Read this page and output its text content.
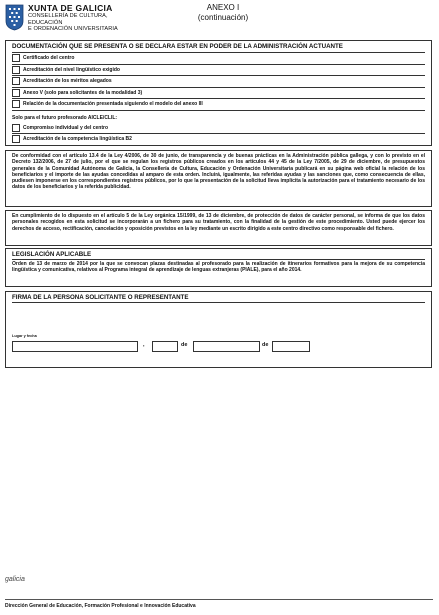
XUNTA DE GALICIA
CONSELLERÍA DE CULTURA, EDUCACIÓN
E ORDENACIÓN UNIVERSITARIA
ANEXO I
(continuación)
DOCUMENTACIÓN QUE SE PRESENTA O SE DECLARA ESTAR EN PODER DE LA ADMINISTRACIÓN ACTUANTE
Certificado del centro
Acreditación del nivel lingüístico exigido
Acreditación de los méritos alegados
Anexo V (solo para solicitantes de la modalidad 3)
Relación de la documentación presentada siguiendo el modelo del anexo III
Solo para el futuro profesorado AICLE/CLIL:
Compromiso individual y del centro
Acreditación de la competencia lingüística B2
De conformidad con el artículo 13.4 de la Ley 4/2006, de 30 de junio, de transparencia y de buenas prácticas en la Administración pública gallega, y con lo previsto en el Decreto 132/2006, de 27 de julio, por el que se regulan los registros públicos creados en los artículos 44 y 45 de la Ley 7/2005, de 29 de diciembre, de presupuestos generales de la Comunidad Autónoma de Galicia, la Consellería de Cultura, Educación y Ordenación Universitaria publicará en su página web oficial la relación de los beneficiarios y el importe de las ayudas concedidas al amparo de esta orden. Incluirá, igualmente, las referidas ayudas y las sanciones que, como consecuencia de ellas, pudiesen imponerse en los correspondientes registros públicos, por lo que la presentación de la solicitud lleva implícita la autorización para el tratamiento necesario de los datos de los beneficiarios y la referida publicidad.
En cumplimiento de lo dispuesto en el artículo 5 de la Ley orgánica 15/1999, de 13 de diciembre, de protección de datos de carácter personal, se informa de que los datos personales recogidos en esta solicitud se incorporarán a un fichero para su tratamiento, con la finalidad de la gestión de este procedimiento. Usted puede ejercer los derechos de acceso, rectificación, cancelación y oposición previstos en la ley mediante un escrito dirigido a este centro directivo como responsable del fichero.
LEGISLACIÓN APLICABLE
Orden de 13 de marzo de 2014 por la que se convocan plazas destinadas al profesorado para la realización de itinerarios formativos para la mejora de su competencia lingüística y comunicativa, relativos al Programa integral de aprendizaje de lenguas extranjeras (PIALE), para el año 2014.
FIRMA DE LA PERSONA SOLICITANTE O REPRESENTANTE
Lugar y fecha
,	de	de
galicia
Dirección General de Educación, Formación Profesional e Innovación Educativa
